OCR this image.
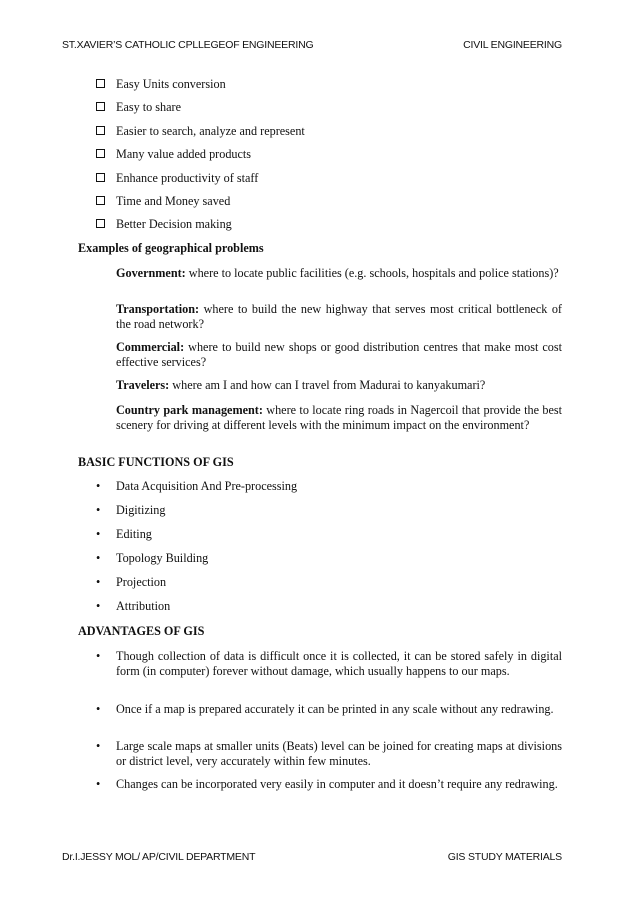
ST.XAVIER’S CATHOLIC CPLLEGEOF ENGINEERING	CIVIL ENGINEERING
Easy Units conversion
Easy to share
Easier to search, analyze and represent
Many value added products
Enhance productivity of staff
Time and Money saved
Better Decision making
Examples of geographical problems
Government: where to locate public facilities (e.g. schools, hospitals and police stations)?
Transportation: where to build the new highway that serves most critical bottleneck of the road network?
Commercial: where to build new shops or good distribution centres that make most cost effective services?
Travelers: where am I and how can I travel from Madurai to kanyakumari?
Country park management: where to locate ring roads in Nagercoil that provide the best scenery for driving at different levels with the minimum impact on the environment?
BASIC FUNCTIONS OF GIS
• Data Acquisition And Pre-processing
• Digitizing
• Editing
• Topology Building
• Projection
• Attribution
ADVANTAGES OF GIS
• Though collection of data is difficult once it is collected, it can be stored safely in digital form (in computer) forever without damage, which usually happens to our maps.
• Once if a map is prepared accurately it can be printed in any scale without any redrawing.
• Large scale maps at smaller units (Beats) level can be joined for creating maps at divisions or district level, very accurately within few minutes.
• Changes can be incorporated very easily in computer and it doesn’t require any redrawing.
Dr.I.JESSY MOL/ AP/CIVIL DEPARTMENT	GIS STUDY MATERIALS
